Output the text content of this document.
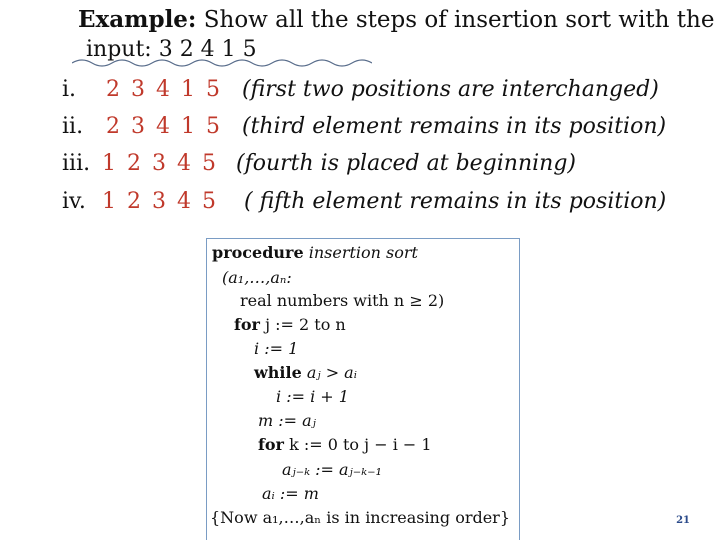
Example: Show all the steps of insertion sort with the
input: 3 2 4 1 5
i. 2 3 4 1 5 (first two positions are interchanged)
ii. 2 3 4 1 5 (third element remains in its position)
iii. 1 2 3 4 5 (fourth is placed at beginning)
iv. 1 2 3 4 5 ( fifth element remains in its position)
procedure insertion sort
(a₁,…,aₙ:
real numbers with n ≥ 2)
for j := 2 to n
i := 1
while aⱼ > aᵢ
i := i + 1
m := aⱼ
for k := 0 to j − i − 1
aⱼ₋ₖ := aⱼ₋ₖ₋₁
aᵢ := m
{Now a₁,…,aₙ is in increasing order}	21
